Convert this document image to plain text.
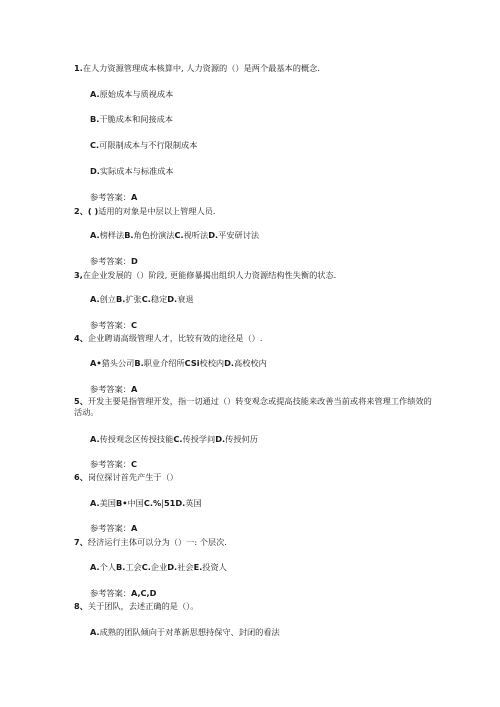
1.在人力资源管理成本核算中, 人力资源的（）是两个最基本的概念.
A.原始成本与质视成本
B.干脆成本和间接成本
C.可限制成本与不行限制成本
D.实际成本与标准成本
参考答案：A
2、( )适用的对象是中层以上管理人员.
A.榜样法B.角色扮演法C.视听法D.平安研讨法
参考答案：D
3,在企业发展的（）阶段, 更能修暴揭出组织人力资源结构性失衡的状态.
A.创立B.扩张C.稳定D.衰退
参考答案：C
4、企业聘请高级管理人才，比较有效的途径是（）.
A•猎头公司B.职业介绍所CSi校校内D.高校校内
参考答案：A
5、开发主要是指管理开发，指一切通过（）转变观念或提高技能来改善当前或将来管理工作绩效的活动。
A.传授观念区传授技能C.传授学问D.传授何历
参考答案：C
6、岗位探讨首先产生于（）
A.美国B•中国C.%|51D.英国
参考答案：A
7、经济运行主体可以分为（）一: 个层次.
A.个人B.工会C.企业D.社会E.投资人
参考答案：A,C,D
8、关于团队，去述正确的是（）。
A.成熟的团队倾向于对革新思想持保守、封闭的看法
